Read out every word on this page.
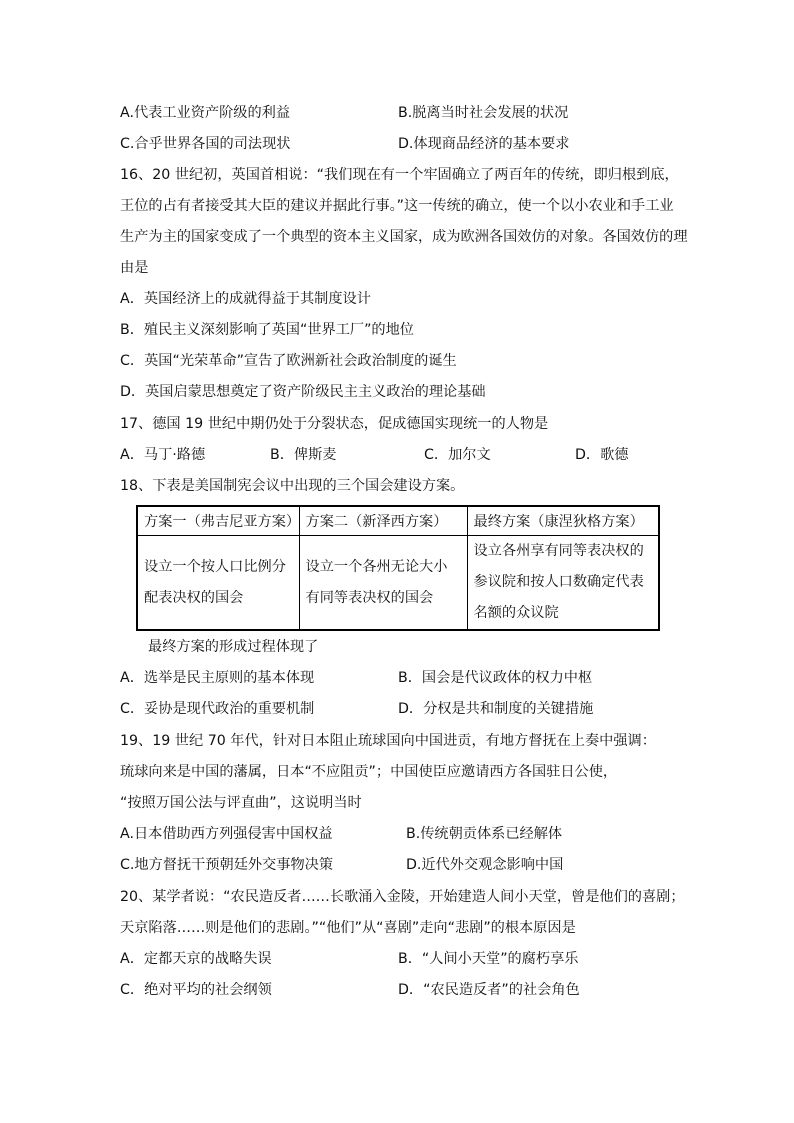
A.代表工业资产阶级的利益	B.脱离当时社会发展的状况
C.合乎世界各国的司法现状	D.体现商品经济的基本要求
16、20 世纪初，英国首相说：“我们现在有一个牢固确立了两百年的传统，即归根到底，
王位的占有者接受其大臣的建议并据此行事。”这一传统的确立，使一个以小农业和手工业
生产为主的国家变成了一个典型的资本主义国家，成为欧洲各国效仿的对象。各国效仿的理
由是
A．英国经济上的成就得益于其制度设计
B．殖民主义深刻影响了英国“世界工厂”的地位
C．英国“光荣革命”宣告了欧洲新社会政治制度的诞生
D．英国启蒙思想奠定了资产阶级民主主义政治的理论基础
17、德国 19 世纪中期仍处于分裂状态，促成德国实现统一的人物是
A．马丁·路德	B．俾斯麦	C．加尔文	D．歌德
18、下表是美国制宪会议中出现的三个国会建设方案。
方案一（弗吉尼亚方案）	方案二（新泽西方案）	最终方案（康涅狄格方案）
设立一个按人口比例分配表决权的国会	设立一个各州无论大小有同等表决权的国会	设立各州享有同等表决权的参议院和按人口数确定代表名额的众议院
最终方案的形成过程体现了
A．选举是民主原则的基本体现	B．国会是代议政体的权力中枢
C．妥协是现代政治的重要机制	D．分权是共和制度的关键措施
19、19 世纪 70 年代，针对日本阻止琉球国向中国进贡，有地方督抚在上奏中强调：
琉球向来是中国的藩属，日本“不应阻贡”；中国使臣应邀请西方各国驻日公使，
“按照万国公法与评直曲”，这说明当时
A.日本借助西方列强侵害中国权益	B.传统朝贡体系已经解体
C.地方督抚干预朝廷外交事物决策	D.近代外交观念影响中国
20、某学者说：“农民造反者……长歌涌入金陵，开始建造人间小天堂，曾是他们的喜剧；
天京陷落……则是他们的悲剧。”“他们”从“喜剧”走向“悲剧”的根本原因是
A．定都天京的战略失误	B．“人间小天堂”的腐朽享乐
C．绝对平均的社会纲领	D．“农民造反者”的社会角色
